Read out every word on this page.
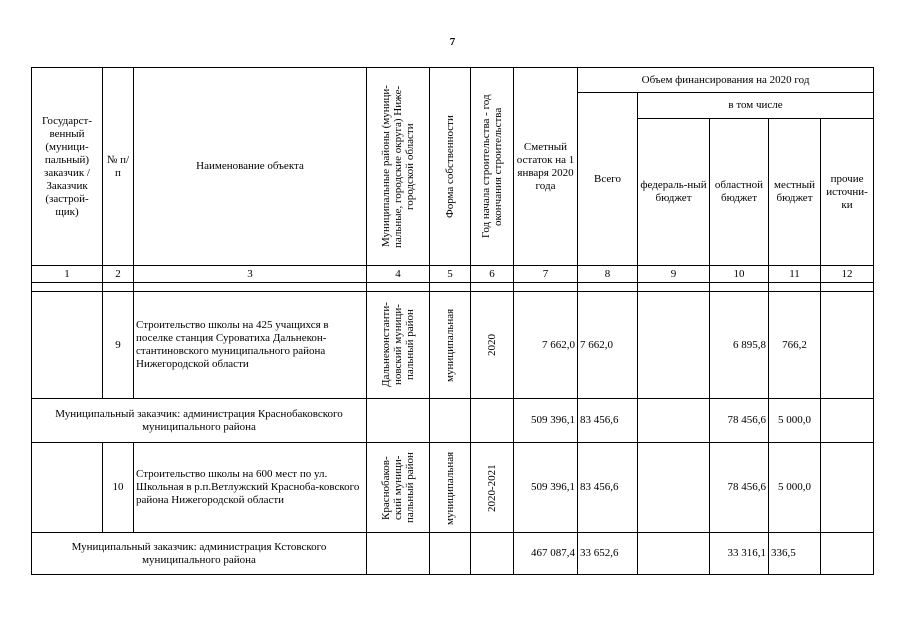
7
Государст-венный (муници-пальный) заказчик / Заказчик (застрой-щик)	№ п/п	Наименование объекта	Муниципальные районы (муници-пальные, городские округа) Ниже-городской области	Форма собственности	Год начала строительства - год окончания строительства	Сметный остаток на 1 января 2020 года	Объем финансирования на 2020 год				
							Всего	в том числе			
								федераль-ный бюджет	областной бюджет	местный бюджет	прочие источни-ки
1	2	3	4	5	6	7	8	9	10	11	12

	9	Строительство школы на 425 учащихся в поселке станция Суроватиха Дальнекон-стантиновского муниципального района Нижегородской области	Дальнеконстанти-новский муници-пальный район	муниципальная	2020	7 662,0	7 662,0		6 895,8	766,2	
Муниципальный заказчик: администрация Краснобаковского муниципального района						509 396,1	83 456,6		78 456,6	5 000,0	
	10	Строительство школы на 600 мест по ул. Школьная в р.п.Ветлужский Красноба-ковского района Нижегородской области	Краснобаков-ский муници-пальный район	муниципальная	2020-2021	509 396,1	83 456,6		78 456,6	5 000,0	
Муниципальный заказчик: администрация Кстовского муниципального района						467 087,4	33 652,6		33 316,1	336,5	
